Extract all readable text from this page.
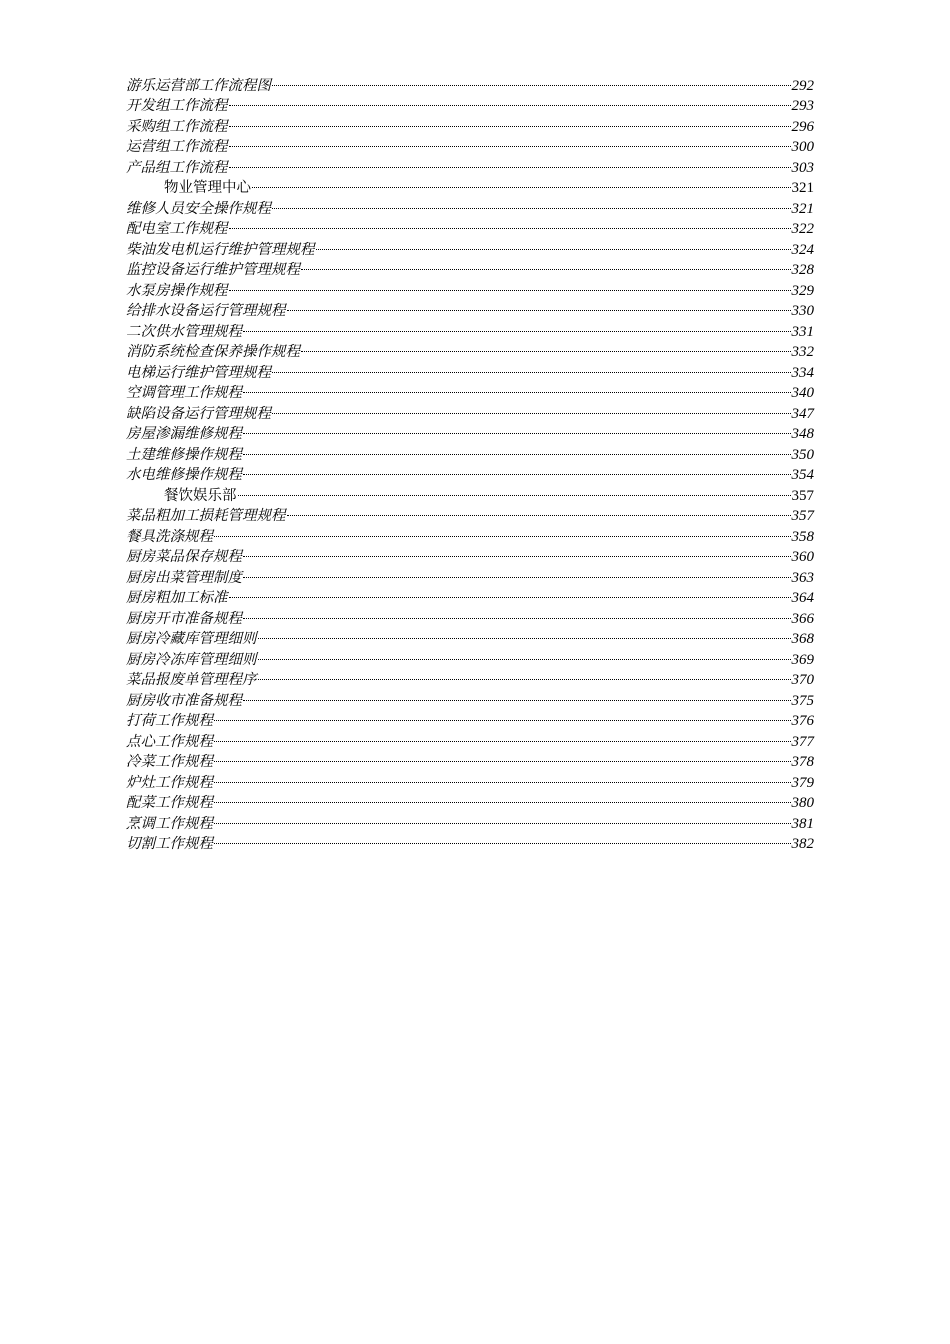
游乐运营部工作流程图	292
开发组工作流程	293
采购组工作流程	296
运营组工作流程	300
产品组工作流程	303
物业管理中心	321
维修人员安全操作规程	321
配电室工作规程	322
柴油发电机运行维护管理规程	324
监控设备运行维护管理规程	328
水泵房操作规程	329
给排水设备运行管理规程	330
二次供水管理规程	331
消防系统检查保养操作规程	332
电梯运行维护管理规程	334
空调管理工作规程	340
缺陷设备运行管理规程	347
房屋渗漏维修规程	348
土建维修操作规程	350
水电维修操作规程	354
餐饮娱乐部	357
菜品粗加工损耗管理规程	357
餐具洗涤规程	358
厨房菜品保存规程	360
厨房出菜管理制度	363
厨房粗加工标准	364
厨房开市准备规程	366
厨房冷藏库管理细则	368
厨房冷冻库管理细则	369
菜品报废单管理程序	370
厨房收市准备规程	375
打荷工作规程	376
点心工作规程	377
冷菜工作规程	378
炉灶工作规程	379
配菜工作规程	380
烹调工作规程	381
切割工作规程	382
